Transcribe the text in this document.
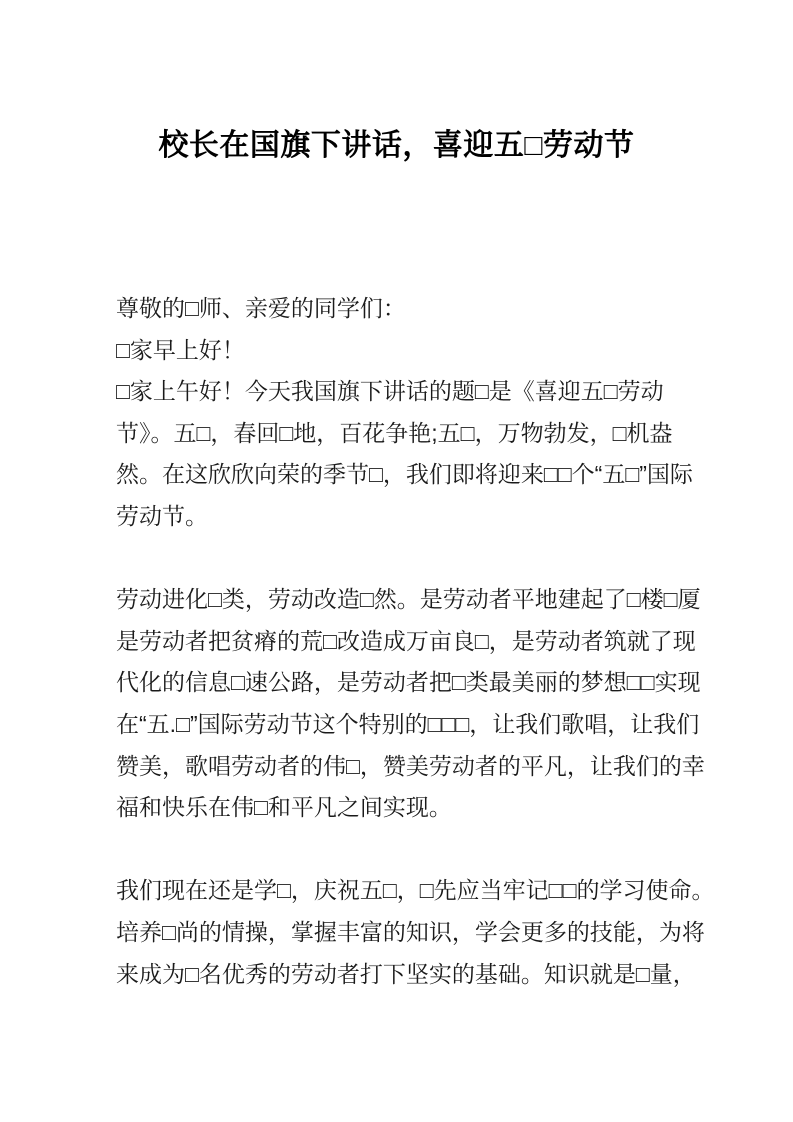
校长在国旗下讲话，喜迎五□劳动节
尊敬的□师、亲爱的同学们：
□家早上好！
□家上午好！今天我国旗下讲话的题□是《喜迎五□劳动
节》。五□，春回□地，百花争艳;五□，万物勃发，□机盎
然。在这欣欣向荣的季节□，我们即将迎来□□个“五□”国际
劳动节。
劳动进化□类，劳动改造□然。是劳动者平地建起了□楼□厦
是劳动者把贫瘠的荒□改造成万亩良□，是劳动者筑就了现
代化的信息□速公路，是劳动者把□类最美丽的梦想□□实现
在“五.□”国际劳动节这个特别的□□□，让我们歌唱，让我们
赞美，歌唱劳动者的伟□，赞美劳动者的平凡，让我们的幸
福和快乐在伟□和平凡之间实现。
我们现在还是学□，庆祝五□，□先应当牢记□□的学习使命。
培养□尚的情操，掌握丰富的知识，学会更多的技能，为将
来成为□名优秀的劳动者打下坚实的基础。知识就是□量，
